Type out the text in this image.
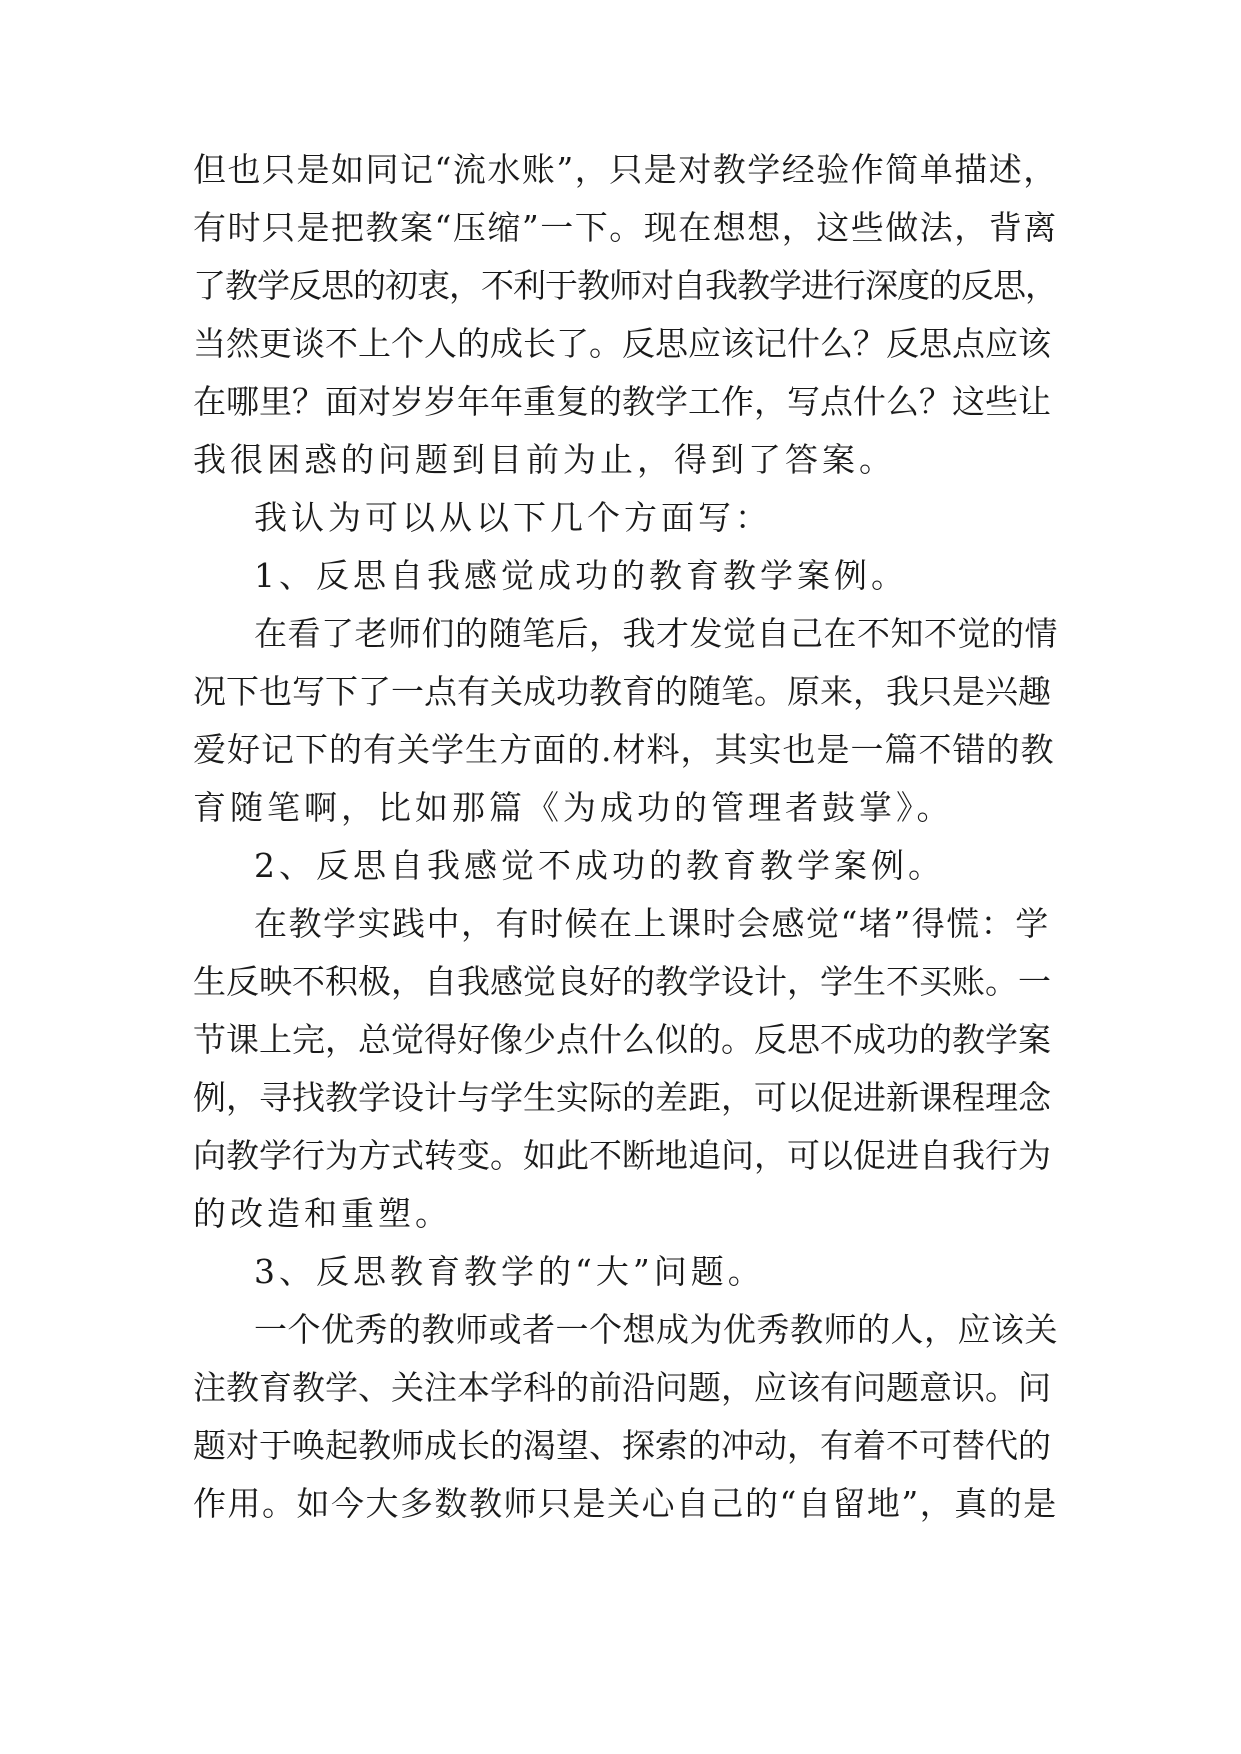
但也只是如同记“流水账”，只是对教学经验作简单描述，
有时只是把教案“压缩”一下。现在想想，这些做法，背离
了教学反思的初衷，不利于教师对自我教学进行深度的反思，
当然更谈不上个人的成长了。反思应该记什么？反思点应该
在哪里？面对岁岁年年重复的教学工作，写点什么？这些让
我很困惑的问题到目前为止，得到了答案。
我认为可以从以下几个方面写：
1、反思自我感觉成功的教育教学案例。
在看了老师们的随笔后，我才发觉自己在不知不觉的情
况下也写下了一点有关成功教育的随笔。原来，我只是兴趣
爱好记下的有关学生方面的.材料，其实也是一篇不错的教
育随笔啊，比如那篇《为成功的管理者鼓掌》。
2、反思自我感觉不成功的教育教学案例。
在教学实践中，有时候在上课时会感觉“堵”得慌：学
生反映不积极，自我感觉良好的教学设计，学生不买账。一
节课上完，总觉得好像少点什么似的。反思不成功的教学案
例，寻找教学设计与学生实际的差距，可以促进新课程理念
向教学行为方式转变。如此不断地追问，可以促进自我行为
的改造和重塑。
3、反思教育教学的“大”问题。
一个优秀的教师或者一个想成为优秀教师的人，应该关
注教育教学、关注本学科的前沿问题，应该有问题意识。问
题对于唤起教师成长的渴望、探索的冲动，有着不可替代的
作用。如今大多数教师只是关心自己的“自留地”，真的是
